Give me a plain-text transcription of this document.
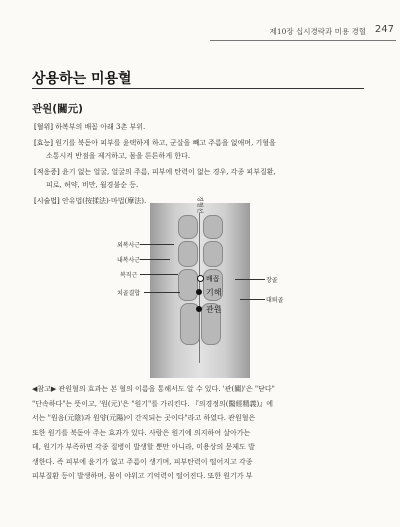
제10장 십시경락과 미용 경혈 247
상용하는 미용혈
관원(關元)
[혈위] 하복부의 배꼽 아래 3촌 부위.
[효능] 원기를 북돋아 피부를 윤택하게 하고, 군살을 빼고 주름을 없애며, 기혈을
소통시켜 반점을 제거하고, 몸을 튼튼하게 한다.
[적응증] 윤기 없는 얼굴, 얼굴의 주름, 피부에 탄력이 없는 경우, 각종 피부질환,
피로, 허약, 비만, 월경불순 등.
[시술법] 안유법(按揉法)·마법(摩法).	경혈선
외복사근
내복사근
복직근
치골결합
장골
대퇴골
배꼽
기해
관원
◀참고▶ 관원혈의 효과는 본 혈의 이름을 통해서도 알 수 있다. '관(關)'은 "닫다"
"단속하다"는 뜻이고, '원(元)'은 "원기"를 가리킨다. 『의경정의(醫經精義)』에
서는 "원음(元陰)과 원양(元陽)이 간직되는 곳이다"라고 하였다. 관원혈은
또한 원기를 북돋아 주는 효과가 있다. 사람은 원기에 의지하여 살아가는
데, 원기가 부족하면 각종 질병이 발생할 뿐만 아니라, 미용상의 문제도 발
생한다. 즉 피부에 윤기가 없고 주름이 생기며, 피부탄력이 떨어지고 각종
피부질환 등이 발생하며, 몸이 야위고 기억력이 떨어진다. 또한 원기가 부
